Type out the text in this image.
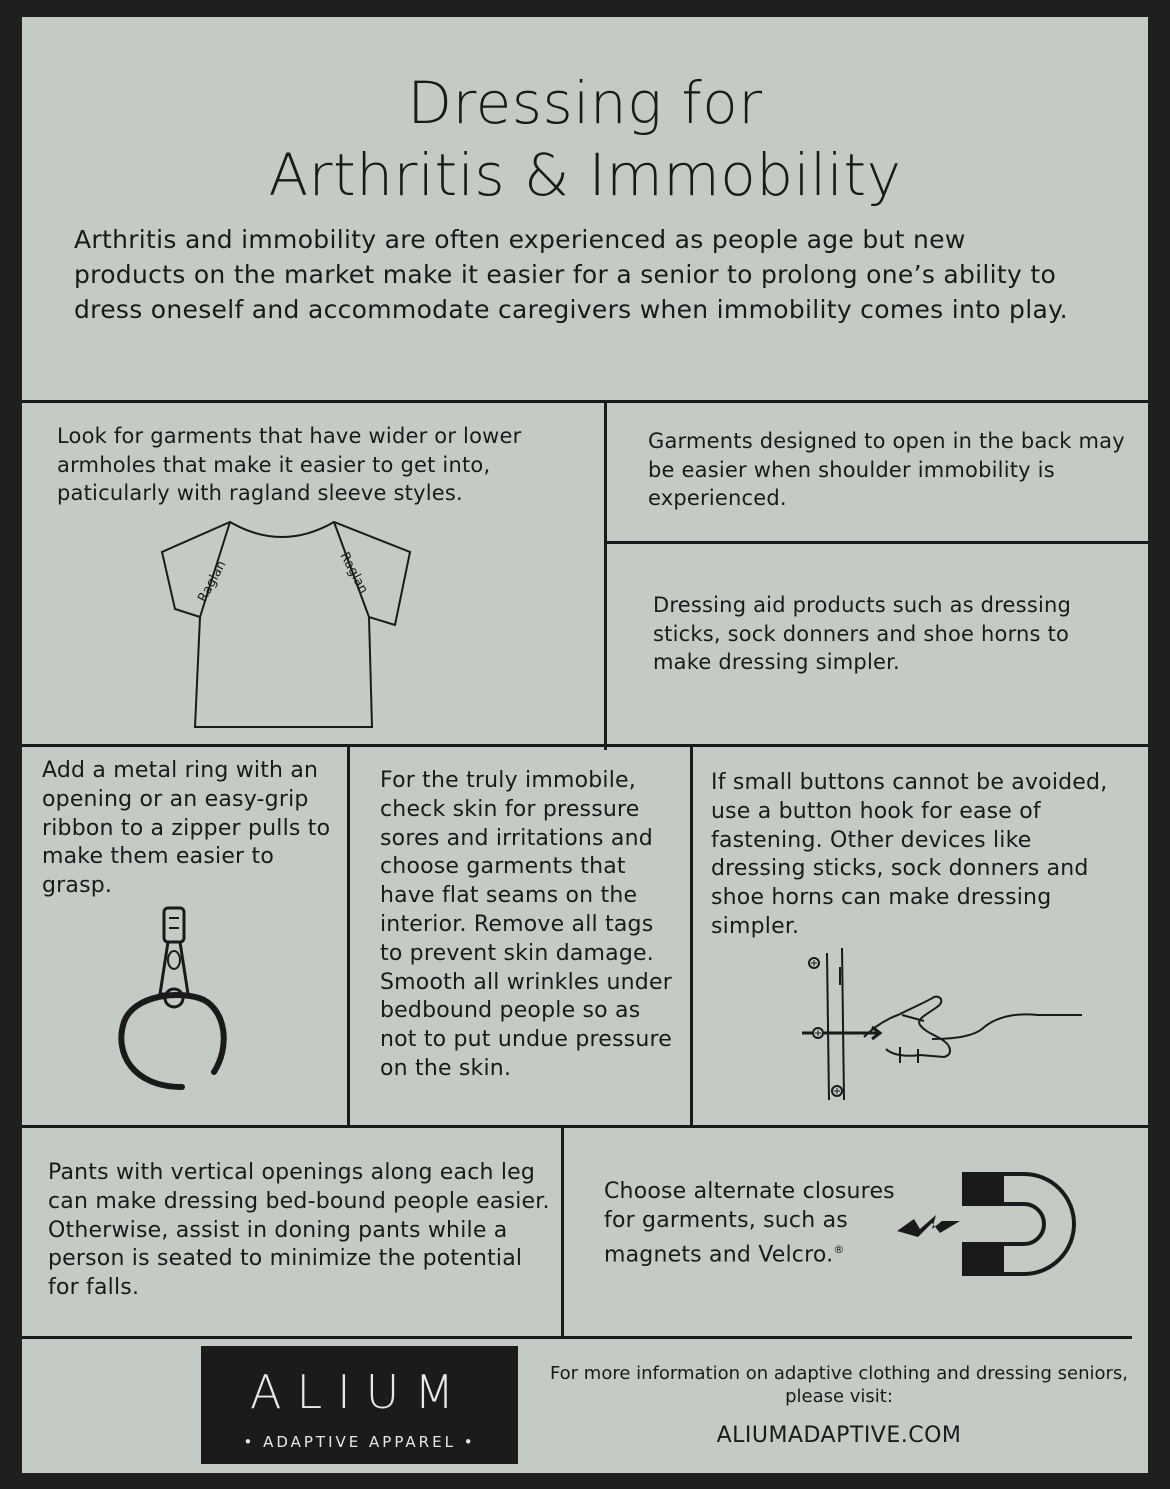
Dressing for
Arthritis & Immobility
Arthritis and immobility are often experienced as people age but new products on the market make it easier for a senior to prolong one’s ability to dress oneself and accommodate caregivers when immobility comes into play.
Look for garments that have wider or lower armholes that make it easier to get into, paticularly with ragland sleeve styles.
Raglan	Raglan
Garments designed to open in the back may be easier when shoulder immobility is experienced.
Dressing aid products such as dressing sticks, sock donners and shoe horns to make dressing simpler.
Add a metal ring with an opening or an easy-grip ribbon to a zipper pulls to make them easier to grasp.
For the truly immobile, check skin for pressure sores and irritations and choose garments that have flat seams on the interior. Remove all tags to prevent skin damage. Smooth all wrinkles under bedbound people so as not to put undue pressure on the skin.
If small buttons cannot be avoided, use a button hook for ease of fastening. Other devices like dressing sticks, sock donners and shoe horns can make dressing simpler.
Pants with vertical openings along each leg can make dressing bed-bound people easier. Otherwise, assist in doning pants while a person is seated to minimize the potential for falls.
Choose alternate closures for garments, such as magnets and Velcro.®
ALIUM
• ADAPTIVE APPAREL •
For more information on adaptive clothing and dressing seniors, please visit:
ALIUMADAPTIVE.COM
